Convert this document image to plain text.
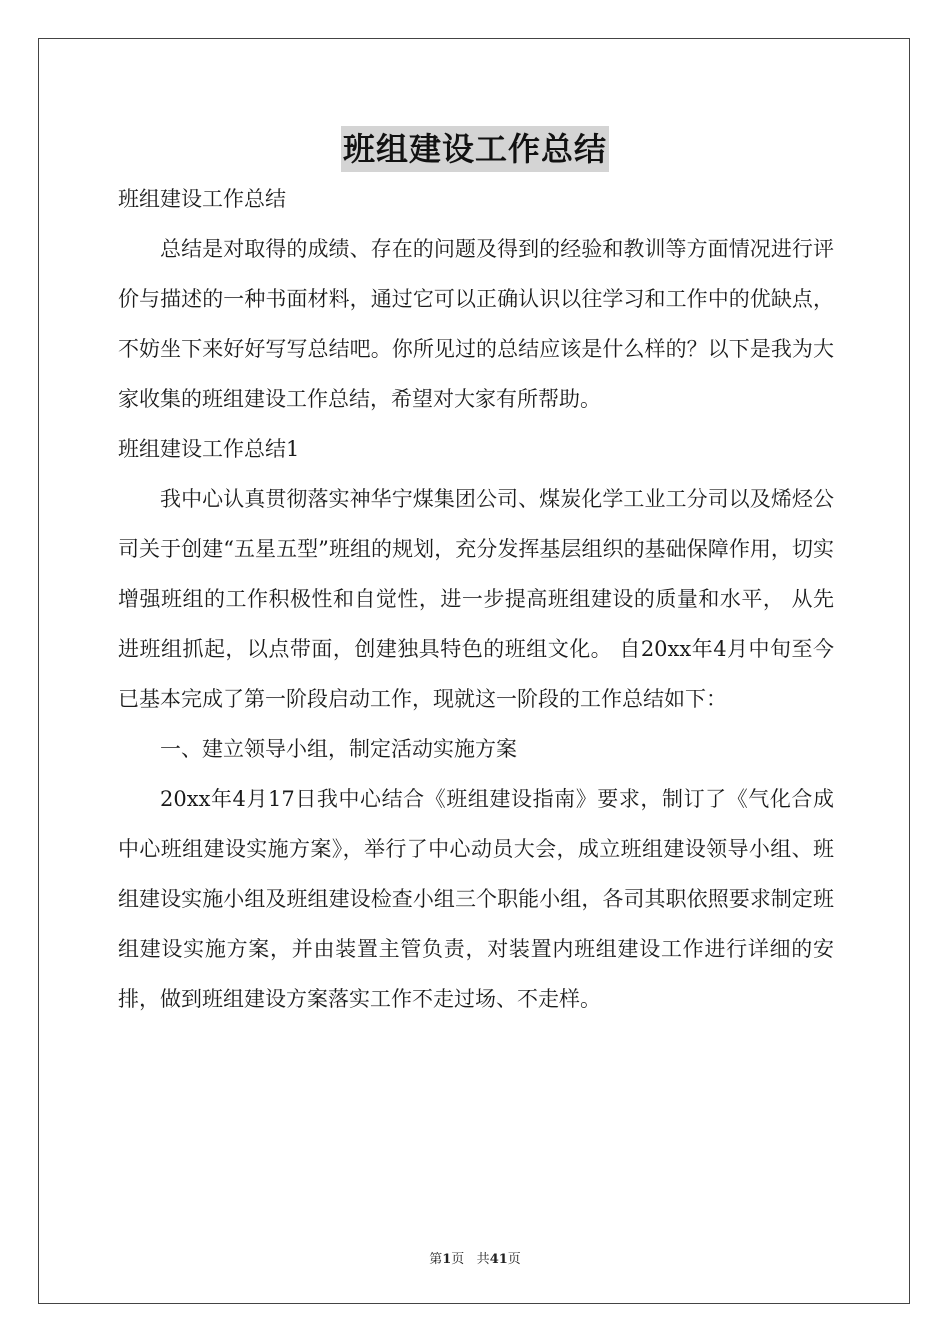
班组建设工作总结

班组建设工作总结

总结是对取得的成绩、存在的问题及得到的经验和教训等方面情况进行评价与描述的一种书面材料，通过它可以正确认识以往学习和工作中的优缺点，不妨坐下来好好写写总结吧。你所见过的总结应该是什么样的？以下是我为大家收集的班组建设工作总结，希望对大家有所帮助。

班组建设工作总结1

我中心认真贯彻落实神华宁煤集团公司、煤炭化学工业工分司以及烯烃公司关于创建“五星五型”班组的规划，充分发挥基层组织的基础保障作用，切实增强班组的工作积极性和自觉性，进一步提高班组建设的质量和水平， 从先进班组抓起，以点带面，创建独具特色的班组文化。 自20xx年4月中旬至今已基本完成了第一阶段启动工作，现就这一阶段的工作总结如下：

一、建立领导小组，制定活动实施方案

20xx年4月17日我中心结合《班组建设指南》要求，制订了《气化合成中心班组建设实施方案》，举行了中心动员大会，成立班组建设领导小组、班组建设实施小组及班组建设检查小组三个职能小组，各司其职依照要求制定班组建设实施方案，并由装置主管负责，对装置内班组建设工作进行详细的安排，做到班组建设方案落实工作不走过场、不走样。

第1页 共41页
